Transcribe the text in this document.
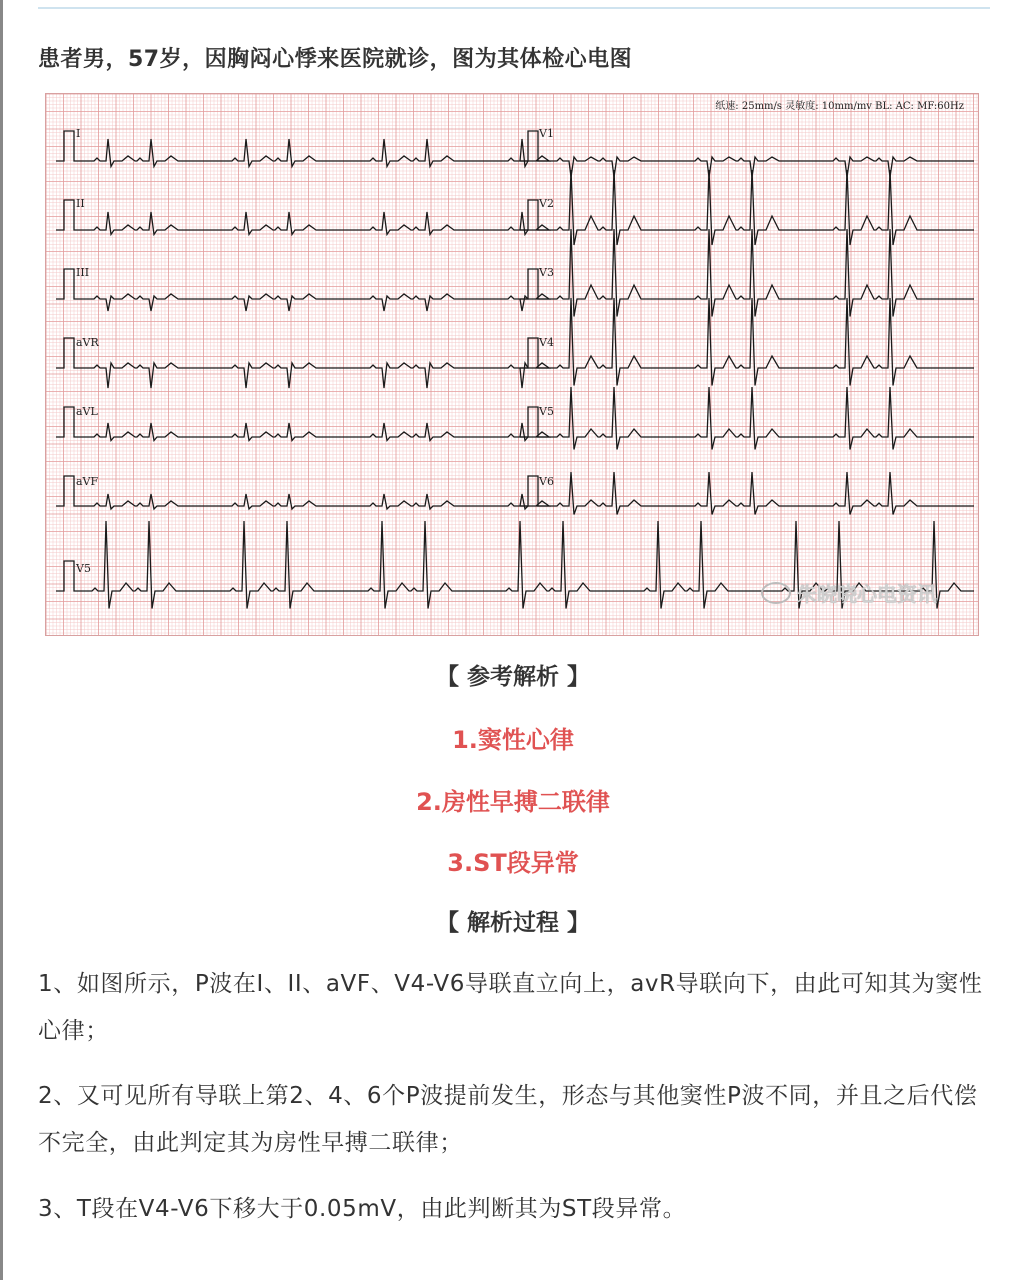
患者男，57岁，因胸闷心悸来医院就诊，图为其体检心电图
纸速: 25mm/s 灵敏度: 10mm/mv BL: AC: MF:60Hz
I
II
III
aVR
aVL
aVF
V1
V2
V3
V4
V5
V6
V5
朱晓晓心电资讯
【 参考解析 】
1.窦性心律
2.房性早搏二联律
3.ST段异常
【 解析过程 】
1、如图所示，P波在I、II、aVF、V4-V6导联直立向上，avR导联向下，由此可知其为窦性心律；
2、又可见所有导联上第2、4、6个P波提前发生，形态与其他窦性P波不同，并且之后代偿不完全，由此判定其为房性早搏二联律；
3、T段在V4-V6下移大于0.05mV，由此判断其为ST段异常。
